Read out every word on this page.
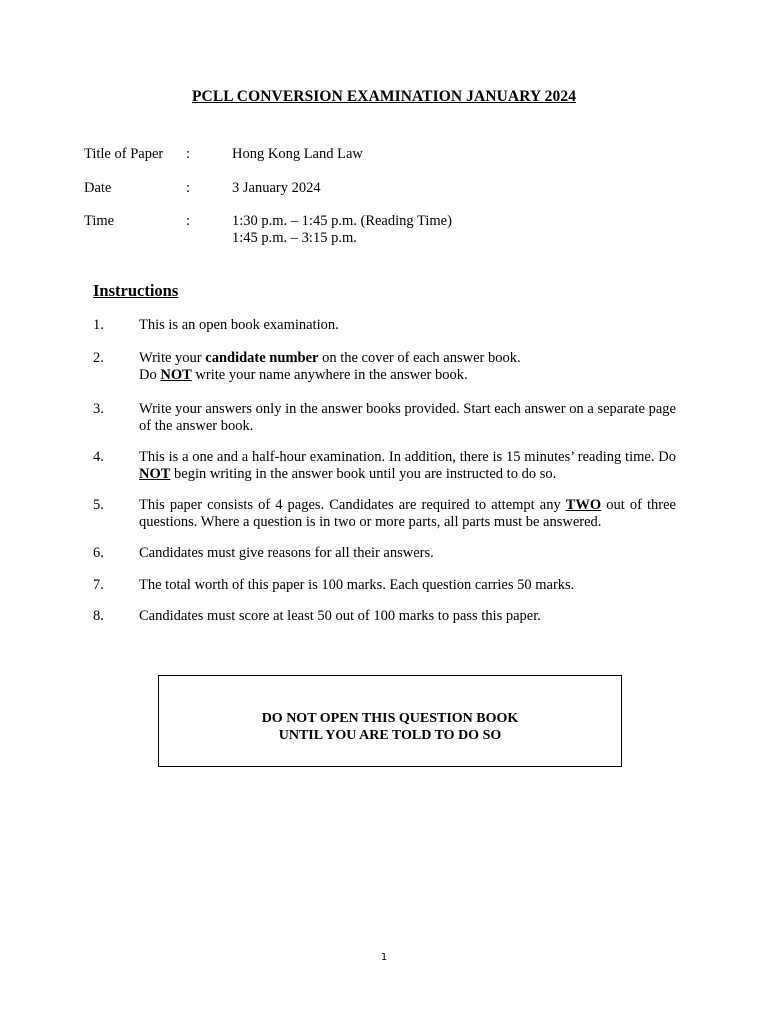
PCLL CONVERSION EXAMINATION JANUARY 2024
Title of Paper	:	Hong Kong Land Law
Date	:	3 January 2024
Time	:	1:30 p.m. – 1:45 p.m. (Reading Time)
1:45 p.m. – 3:15 p.m.
Instructions
1. This is an open book examination.
2. Write your candidate number on the cover of each answer book.
Do NOT write your name anywhere in the answer book.
3. Write your answers only in the answer books provided. Start each answer on a separate page of the answer book.
4. This is a one and a half-hour examination. In addition, there is 15 minutes’ reading time. Do NOT begin writing in the answer book until you are instructed to do so.
5. This paper consists of 4 pages. Candidates are required to attempt any TWO out of three questions. Where a question is in two or more parts, all parts must be answered.
6. Candidates must give reasons for all their answers.
7. The total worth of this paper is 100 marks. Each question carries 50 marks.
8. Candidates must score at least 50 out of 100 marks to pass this paper.
DO NOT OPEN THIS QUESTION BOOK
UNTIL YOU ARE TOLD TO DO SO
1
